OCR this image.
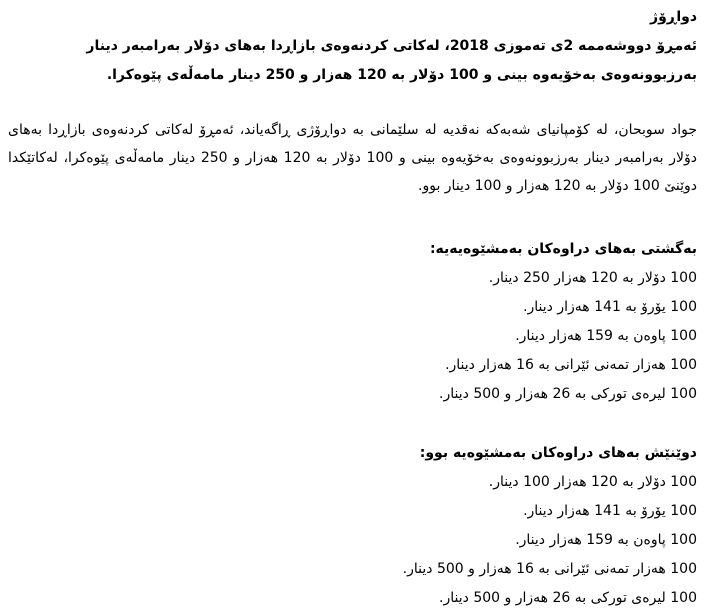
دواڕۆژ
ئەمڕۆ دووشەممە 2ی تەموزی 2018، لەکاتی کردنەوەی بازاڕدا بەهای دۆلار بەرامبەر دینار
بەرزبوونەوەی بەخۆیەوە بینی و 100 دۆلار بە 120 هەزار و 250 دینار مامەڵەی پێوەکرا.
جواد سوبحان، لە کۆمپانیای شەبەکە نەقدیە لە سلێمانی بە دواڕۆژی ڕاگەیاند، ئەمڕۆ لەکاتی کردنەوەی بازاڕدا بەهای دۆلار بەرامبەر دینار بەرزبوونەوەی بەخۆیەوە بینی و 100 دۆلار بە 120 هەزار و 250 دینار مامەڵەی پێوەکرا، لەکاتێکدا دوێنێ 100 دۆلار بە 120 هەزار و 100 دینار بوو.
بەگشتی بەهای دراوەکان بەمشێوەیەیە:
100 دۆلار بە 120 هەزار 250 دینار.
100 یۆرۆ بە 141 هەزار دینار.
100 پاوەن بە 159 هەزار دینار.
100 هەزار تمەنی ئێرانی بە 16 هەزار دینار.
100 لیرەی تورکی بە 26 هەزار و 500 دینار.
دوێنێش بەهای دراوەکان بەمشێوەیە بوو:
100 دۆلار بە 120 هەزار 100 دینار.
100 یۆرۆ بە 141 هەزار دینار.
100 پاوەن بە 159 هەزار دینار.
100 هەزار تمەنی ئێرانی بە 16 هەزار و 500 دینار.
100 لیرەی تورکی بە 26 هەزار و 500 دینار.
